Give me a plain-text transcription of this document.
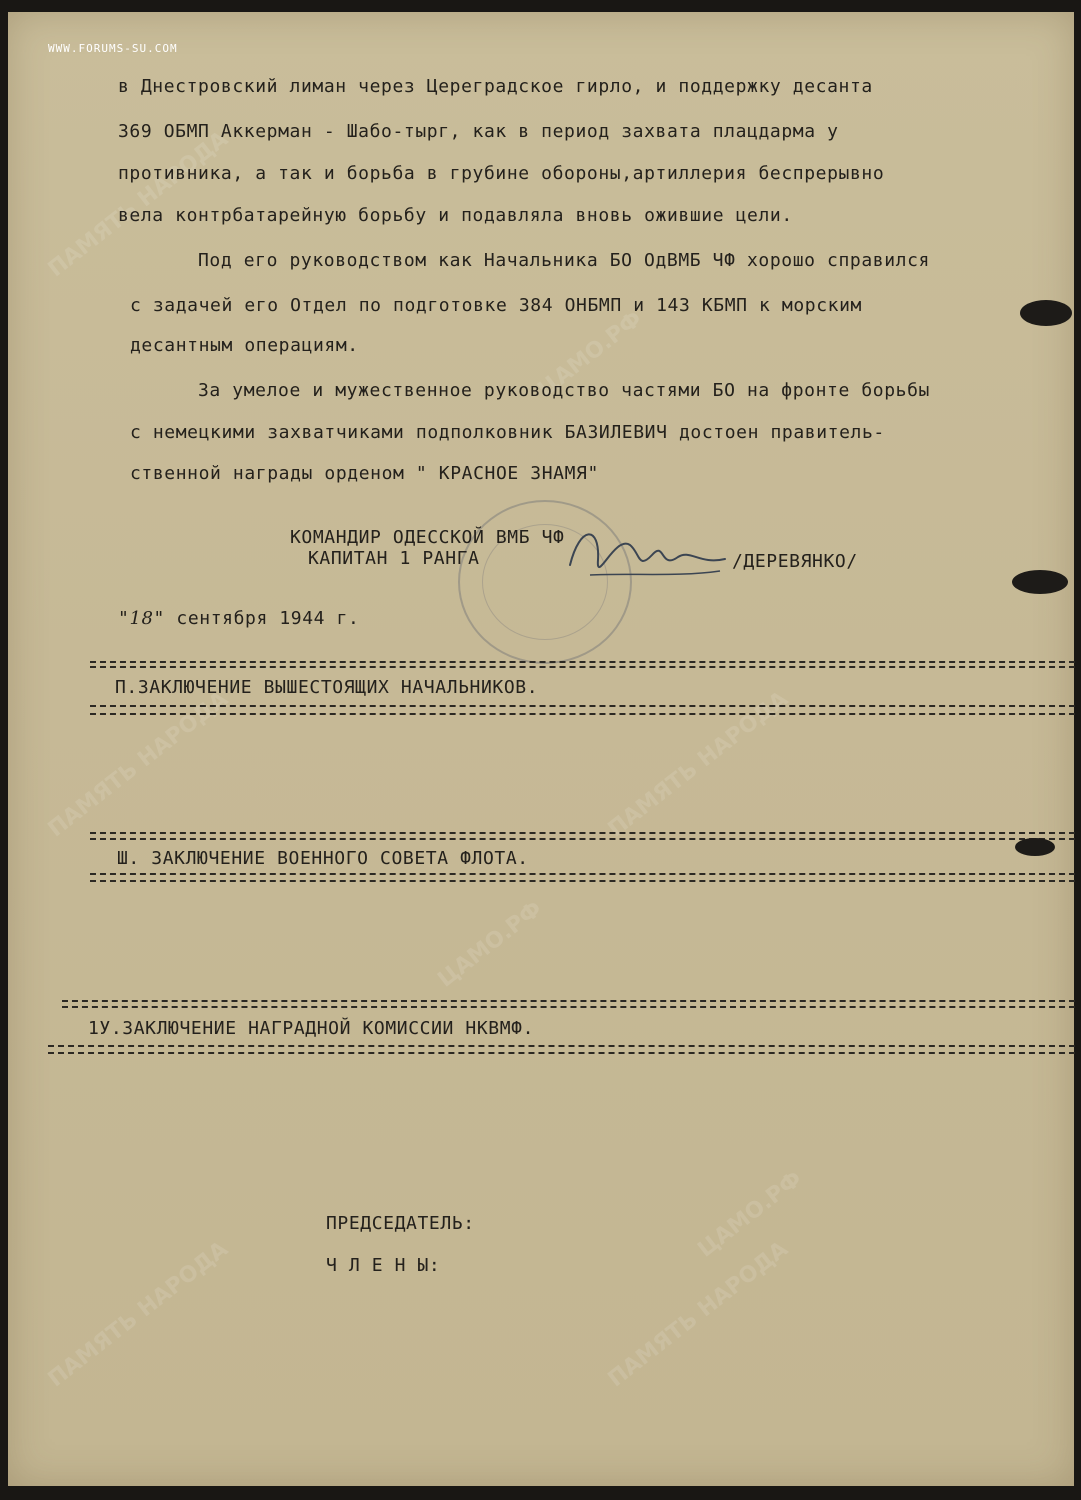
WWW.FORUMS-SU.COM
ПАМЯТЬ НАРОДА
ЦАМО.РФ
ПАМЯТЬ НАРОДА	ПАМЯТЬ НАРОДА
ЦАМО.РФ
ПАМЯТЬ НАРОДА	ПАМЯТЬ НАРОДА
ЦАМО.РФ
в Днестровский лиман через Цереградское гирло, и поддержку десанта
369 ОБМП Аккерман - Шабо-тырг, как в период захвата плацдарма у
противника, а так и борьба в грубине обороны,артиллерия беспрерывно
вела контрбатарейную борьбу и подавляла вновь ожившие цели.
Под его руководством как Начальника БО ОдВМБ ЧФ хорошо справился
с задачей его Отдел по подготовке 384 ОНБМП и 143 КБМП к морским
десантным операциям.
За умелое и мужественное руководство частями БО на фронте борьбы
с немецкими захватчиками подполковник БАЗИЛЕВИЧ достоен правитель-
ственной награды орденом " КРАСНОЕ ЗНАМЯ"
КОМАНДИР ОДЕССКОЙ ВМБ ЧФ
КАПИТАН 1 РАНГА	/ДЕРЕВЯНКО/
"18" сентября 1944 г.
П.ЗАКЛЮЧЕНИЕ ВЫШЕСТОЯЩИХ НАЧАЛЬНИКОВ.
Ш. ЗАКЛЮЧЕНИЕ ВОЕННОГО СОВЕТА ФЛОТА.
1У.ЗАКЛЮЧЕНИЕ НАГРАДНОЙ КОМИССИИ НКВМФ.
ПРЕДСЕДАТЕЛЬ:
Ч Л Е Н Ы:
